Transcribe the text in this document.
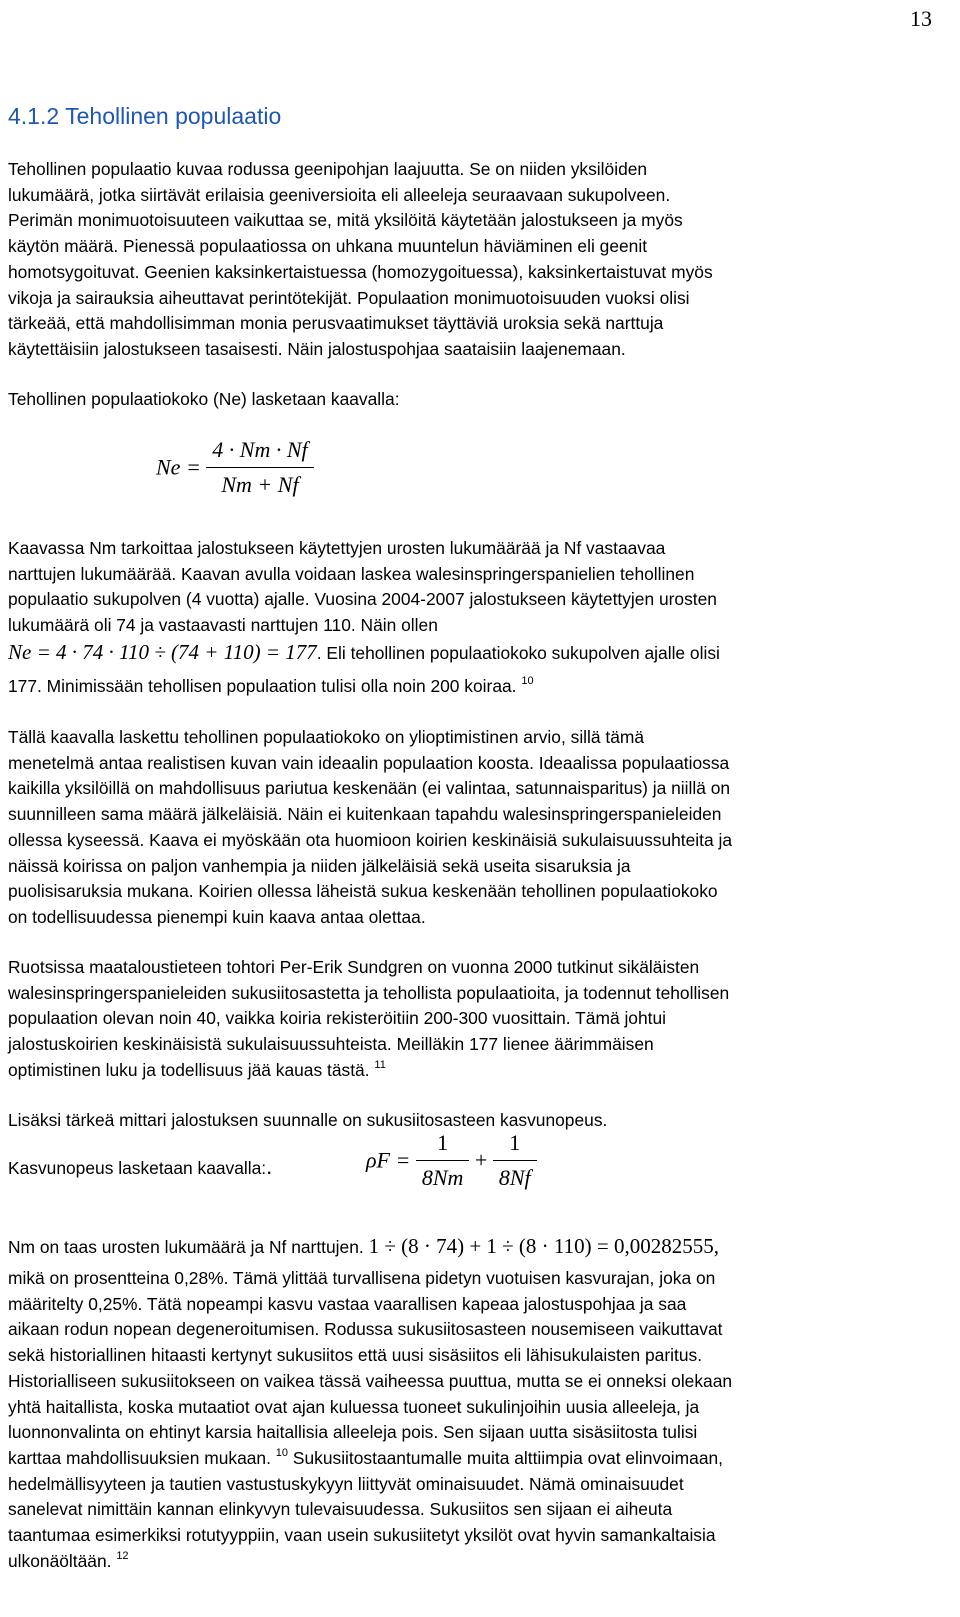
13
4.1.2 Tehollinen populaatio
Tehollinen populaatio kuvaa rodussa geenipohjan laajuutta. Se on niiden yksilöiden
lukumäärä, jotka siirtävät erilaisia geeniversioita eli alleeleja seuraavaan sukupolveen.
Perimän monimuotoisuuteen vaikuttaa se, mitä yksilöitä käytetään jalostukseen ja myös
käytön määrä. Pienessä populaatiossa on uhkana muuntelun häviäminen eli geenit
homotsygoituvat. Geenien kaksinkertaistuessa (homozygoituessa), kaksinkertaistuvat myös
vikoja ja sairauksia aiheuttavat perintötekijät. Populaation monimuotoisuuden vuoksi olisi
tärkeää, että mahdollisimman monia perusvaatimukset täyttäviä uroksia sekä narttuja
käytettäisiin jalostukseen tasaisesti. Näin jalostuspohjaa saataisiin laajenemaan.
Tehollinen populaatiokoko (Ne) lasketaan kaavalla:
$Ne = \frac{4 \cdot Nm \cdot Nf}{Nm + Nf}$
Kaavassa Nm tarkoittaa jalostukseen käytettyjen urosten lukumäärää ja Nf vastaavaa
narttujen lukumäärää. Kaavan avulla voidaan laskea walesinspringerspanielien tehollinen
populaatio sukupolven (4 vuotta) ajalle. Vuosina 2004-2007 jalostukseen käytettyjen urosten
lukumäärä oli 74 ja vastaavasti narttujen 110. Näin ollen
Ne = 4 · 74 · 110 ÷ (74 + 110) = 177. Eli tehollinen populaatiokoko sukupolven ajalle olisi
177. Minimissään tehollisen populaation tulisi olla noin 200 koiraa. $^{10}$
Tällä kaavalla laskettu tehollinen populaatiokoko on ylioptimistinen arvio, sillä tämä
menetelmä antaa realistisen kuvan vain ideaalin populaation koosta. Ideaalissa populaatiossa
kaikilla yksilöillä on mahdollisuus pariutua keskenään (ei valintaa, satunnaisparitus) ja niillä on
suunnilleen sama määrä jälkeläisiä. Näin ei kuitenkaan tapahdu walesinspringerspanieleiden
ollessa kyseessä. Kaava ei myöskään ota huomioon koirien keskinäisiä sukulaisuussuhteita ja
näissä koirissa on paljon vanhempia ja niiden jälkeläisiä sekä useita sisaruksia ja
puolisisaruksia mukana. Koirien ollessa läheistä sukua keskenään tehollinen populaatiokoko
on todellisuudessa pienempi kuin kaava antaa olettaa.
Ruotsissa maataloustieteen tohtori Per-Erik Sundgren on vuonna 2000 tutkinut sikäläisten
walesinspringerspanieleiden sukusiitosastetta ja tehollista populaatioita, ja todennut tehollisen
populaation olevan noin 40, vaikka koiria rekisteröitiin 200-300 vuosittain. Tämä johtui
jalostuskoirien keskinäisistä sukulaisuussuhteista. Meilläkin 177 lienee äärimmäisen
optimistinen luku ja todellisuus jää kauas tästä. $^{11}$
Lisäksi tärkeä mittari jalostuksen suunnalle on sukusiitosasteen kasvunopeus.
Kasvunopeus lasketaan kaavalla:.	$\rho F = \frac{1}{8Nm} + \frac{1}{8Nf}$
Nm on taas urosten lukumäärä ja Nf narttujen. 1 ÷ (8 · 74) + 1 ÷ (8 · 110) = 0,00282555,
mikä on prosentteina 0,28%. Tämä ylittää turvallisena pidetyn vuotuisen kasvurajan, joka on
määritelty 0,25%. Tätä nopeampi kasvu vastaa vaarallisen kapeaa jalostuspohjaa ja saa
aikaan rodun nopean degeneroitumisen. Rodussa sukusiitosasteen nousemiseen vaikuttavat
sekä historiallinen hitaasti kertynyt sukusiitos että uusi sisäsiitos eli lähisukulaisten paritus.
Historialliseen sukusiitokseen on vaikea tässä vaiheessa puuttua, mutta se ei onneksi olekaan
yhtä haitallista, koska mutaatiot ovat ajan kuluessa tuoneet sukulinjoihin uusia alleeleja, ja
luonnonvalinta on ehtinyt karsia haitallisia alleeleja pois. Sen sijaan uutta sisäsiitosta tulisi
karttaa mahdollisuuksien mukaan. $^{10}$ Sukusiitostaantumalle muita alttiimpia ovat elinvoimaan,
hedelmällisyyteen ja tautien vastustuskykyyn liittyvät ominaisuudet. Nämä ominaisuudet
sanelevat nimittäin kannan elinkyvyn tulevaisuudessa. Sukusiitos sen sijaan ei aiheuta
taantumaa esimerkiksi rotutyyppiin, vaan usein sukusiitetyt yksilöt ovat hyvin samankaltaisia
ulkonäöltään. $^{12}$
